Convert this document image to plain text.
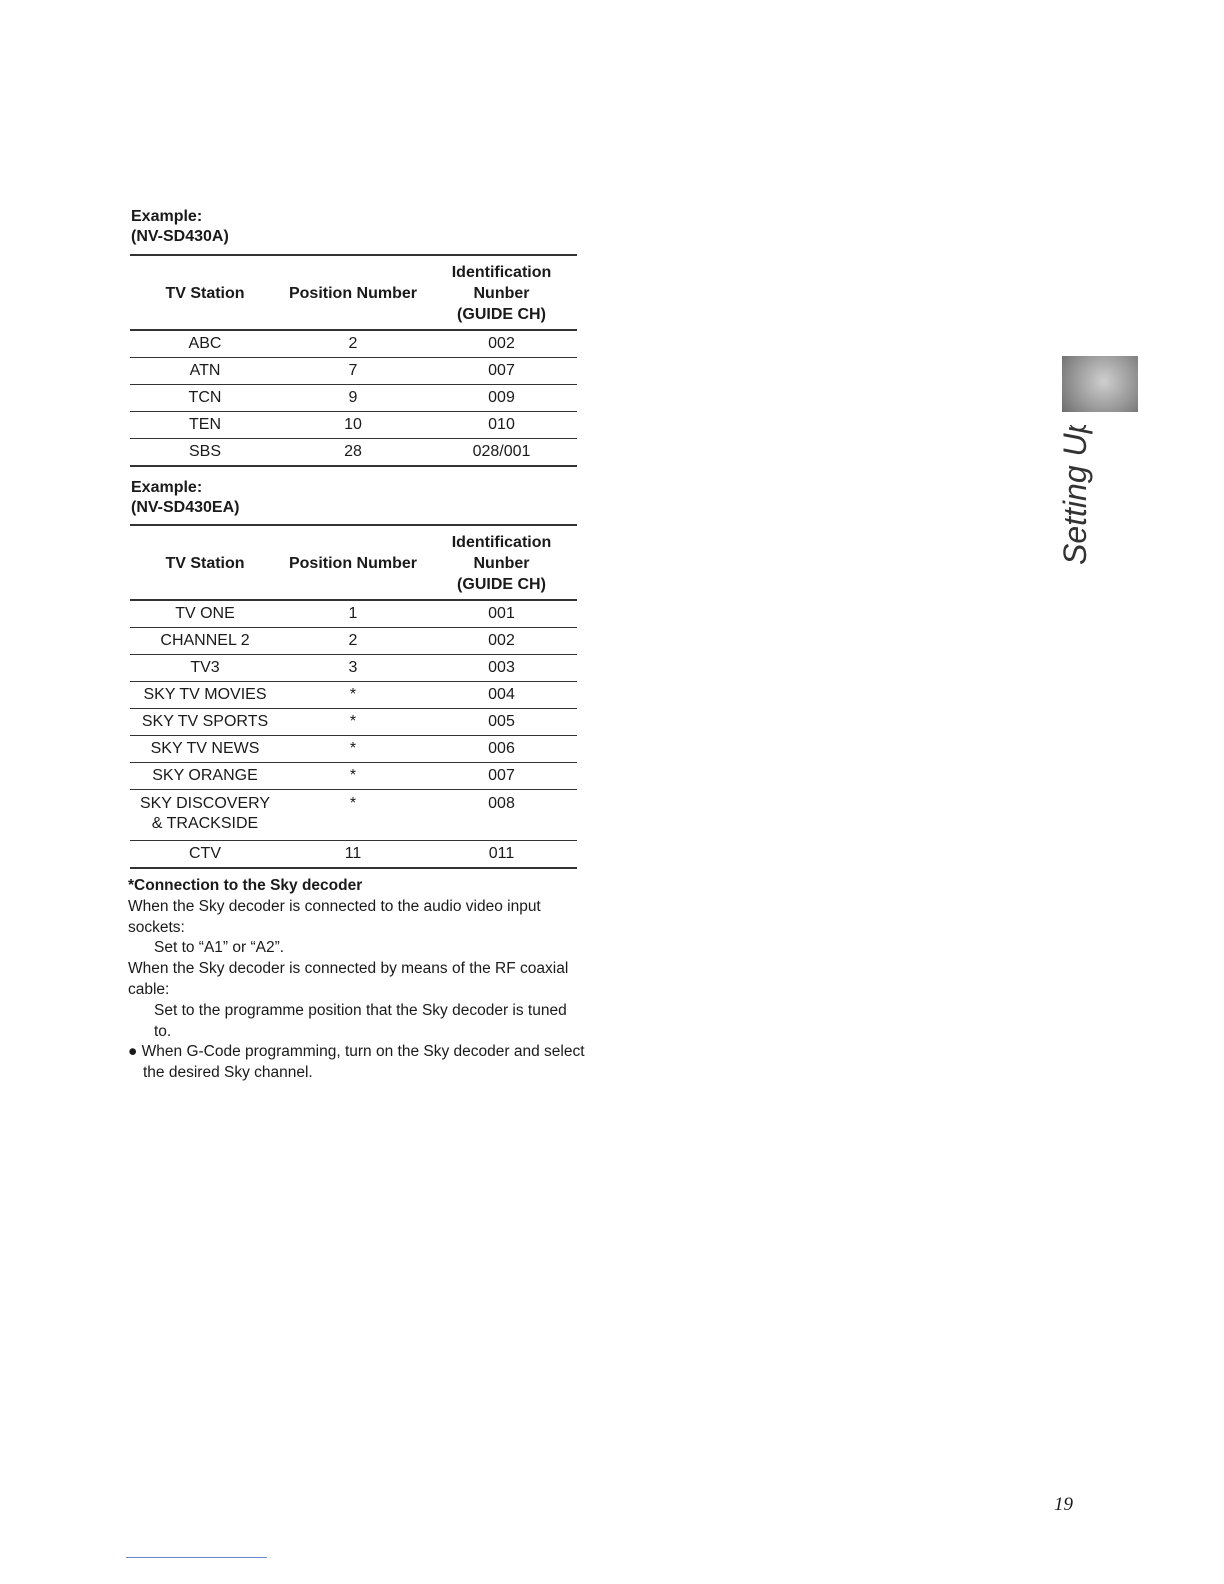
Example:
(NV-SD430A)
TV Station	Position Number	Identification
Nunber
(GUIDE CH)

ABC	2	002
ATN	7	007
TCN	9	009
TEN	10	010
SBS	28	028/001
Example:
(NV-SD430EA)
TV Station	Position Number	Identification
Nunber
(GUIDE CH)

TV ONE	1	001
CHANNEL 2	2	002
TV3	3	003
SKY TV MOVIES	*	004
SKY TV SPORTS	*	005
SKY TV NEWS	*	006
SKY ORANGE	*	007

SKY DISCOVERY
& TRACKSIDE	*	008
CTV	11	011
*Connection to the Sky decoder
When the Sky decoder is connected to the audio video input sockets:
Set to “A1” or “A2”.
When the Sky decoder is connected by means of the RF coaxial cable:
Set to the programme position that the Sky decoder is tuned to.
● When G-Code programming, turn on the Sky decoder and select the desired Sky channel.
Setting Up
19
